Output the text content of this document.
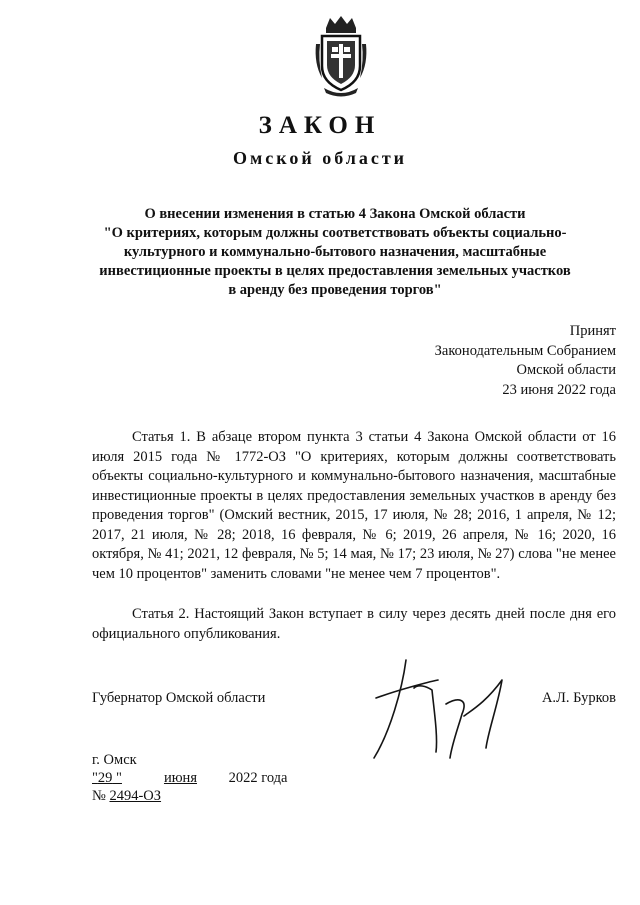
ЗАКОН
Омской области
О внесении изменения в статью 4 Закона Омской области
"О критериях, которым должны соответствовать объекты социально-
культурного и коммунально-бытового назначения, масштабные
инвестиционные проекты в целях предоставления земельных участков
в аренду без проведения торгов"
Принят
Законодательным Собранием
Омской области
23 июня 2022 года
Статья 1. В абзаце втором пункта 3 статьи 4 Закона Омской области от 16 июля 2015 года № 1772-ОЗ "О критериях, которым должны соответствовать объекты социально-культурного и коммунально-бытового назначения, масштабные инвестиционные проекты в целях предоставления земельных участков в аренду без проведения торгов" (Омский вестник, 2015, 17 июля, № 28; 2016, 1 апреля, № 12; 2017, 21 июля, № 28; 2018, 16 февраля, № 6; 2019, 26 апреля, № 16; 2020, 16 октября, № 41; 2021, 12 февраля, № 5; 14 мая, № 17; 23 июля, № 27) слова "не менее чем 10 процентов" заменить словами "не менее чем 7 процентов".
Статья 2. Настоящий Закон вступает в силу через десять дней после дня его официального опубликования.
Губернатор Омской области	А.Л. Бурков
г. Омск
"29 "	июня 2022 года
№ 2494-ОЗ
